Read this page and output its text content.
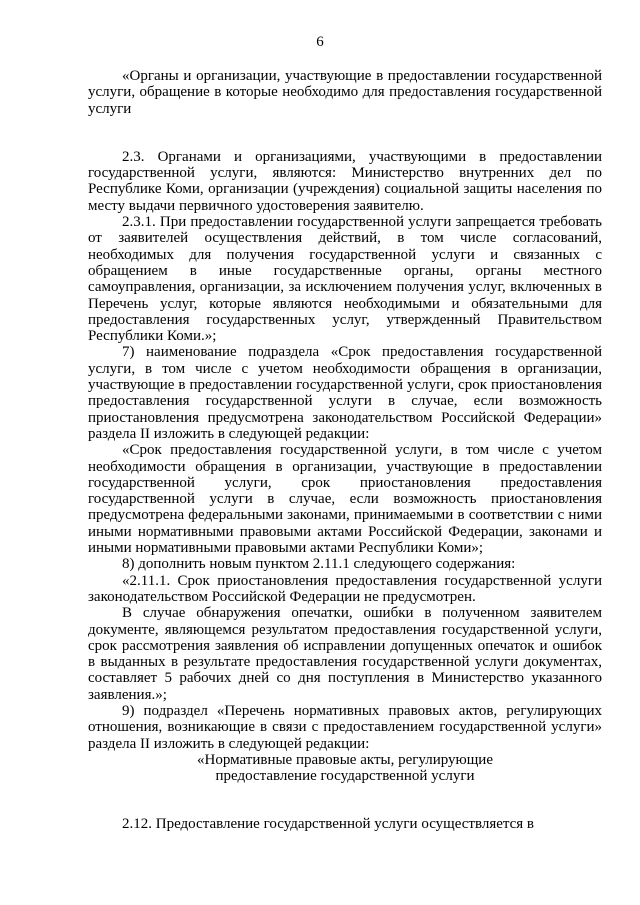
6

«Органы и организации, участвующие в предоставлении государственной услуги, обращение в которые необходимо для предоставления государственной услуги

2.3. Органами и организациями, участвующими в предоставлении государственной услуги, являются: Министерство внутренних дел по Республике Коми, организации (учреждения) социальной защиты населения по месту выдачи первичного удостоверения заявителю.

2.3.1. При предоставлении государственной услуги запрещается требовать от заявителей осуществления действий, в том числе согласований, необходимых для получения государственной услуги и связанных с обращением в иные государственные органы, органы местного самоуправления, организации, за исключением получения услуг, включенных в Перечень услуг, которые являются необходимыми и обязательными для предоставления государственных услуг, утвержденный Правительством Республики Коми.»;

7) наименование подраздела «Срок предоставления государственной услуги, в том числе с учетом необходимости обращения в организации, участвующие в предоставлении государственной услуги, срок приостановления предоставления государственной услуги в случае, если возможность приостановления предусмотрена законодательством Российской Федерации» раздела II изложить в следующей редакции:

«Срок предоставления государственной услуги, в том числе с учетом необходимости обращения в организации, участвующие в предоставлении государственной услуги, срок приостановления предоставления государственной услуги в случае, если возможность приостановления предусмотрена федеральными законами, принимаемыми в соответствии с ними иными нормативными правовыми актами Российской Федерации, законами и иными нормативными правовыми актами Республики Коми»;

8) дополнить новым пунктом 2.11.1 следующего содержания:

«2.11.1. Срок приостановления предоставления государственной услуги законодательством Российской Федерации не предусмотрен.

В случае обнаружения опечатки, ошибки в полученном заявителем документе, являющемся результатом предоставления государственной услуги, срок рассмотрения заявления об исправлении допущенных опечаток и ошибок в выданных в результате предоставления государственной услуги документах, составляет 5 рабочих дней со дня поступления в Министерство указанного заявления.»;

9) подраздел «Перечень нормативных правовых актов, регулирующих отношения, возникающие в связи с предоставлением государственной услуги» раздела II изложить в следующей редакции:

«Нормативные правовые акты, регулирующие

предоставление государственной услуги

2.12. Предоставление государственной услуги осуществляется в
